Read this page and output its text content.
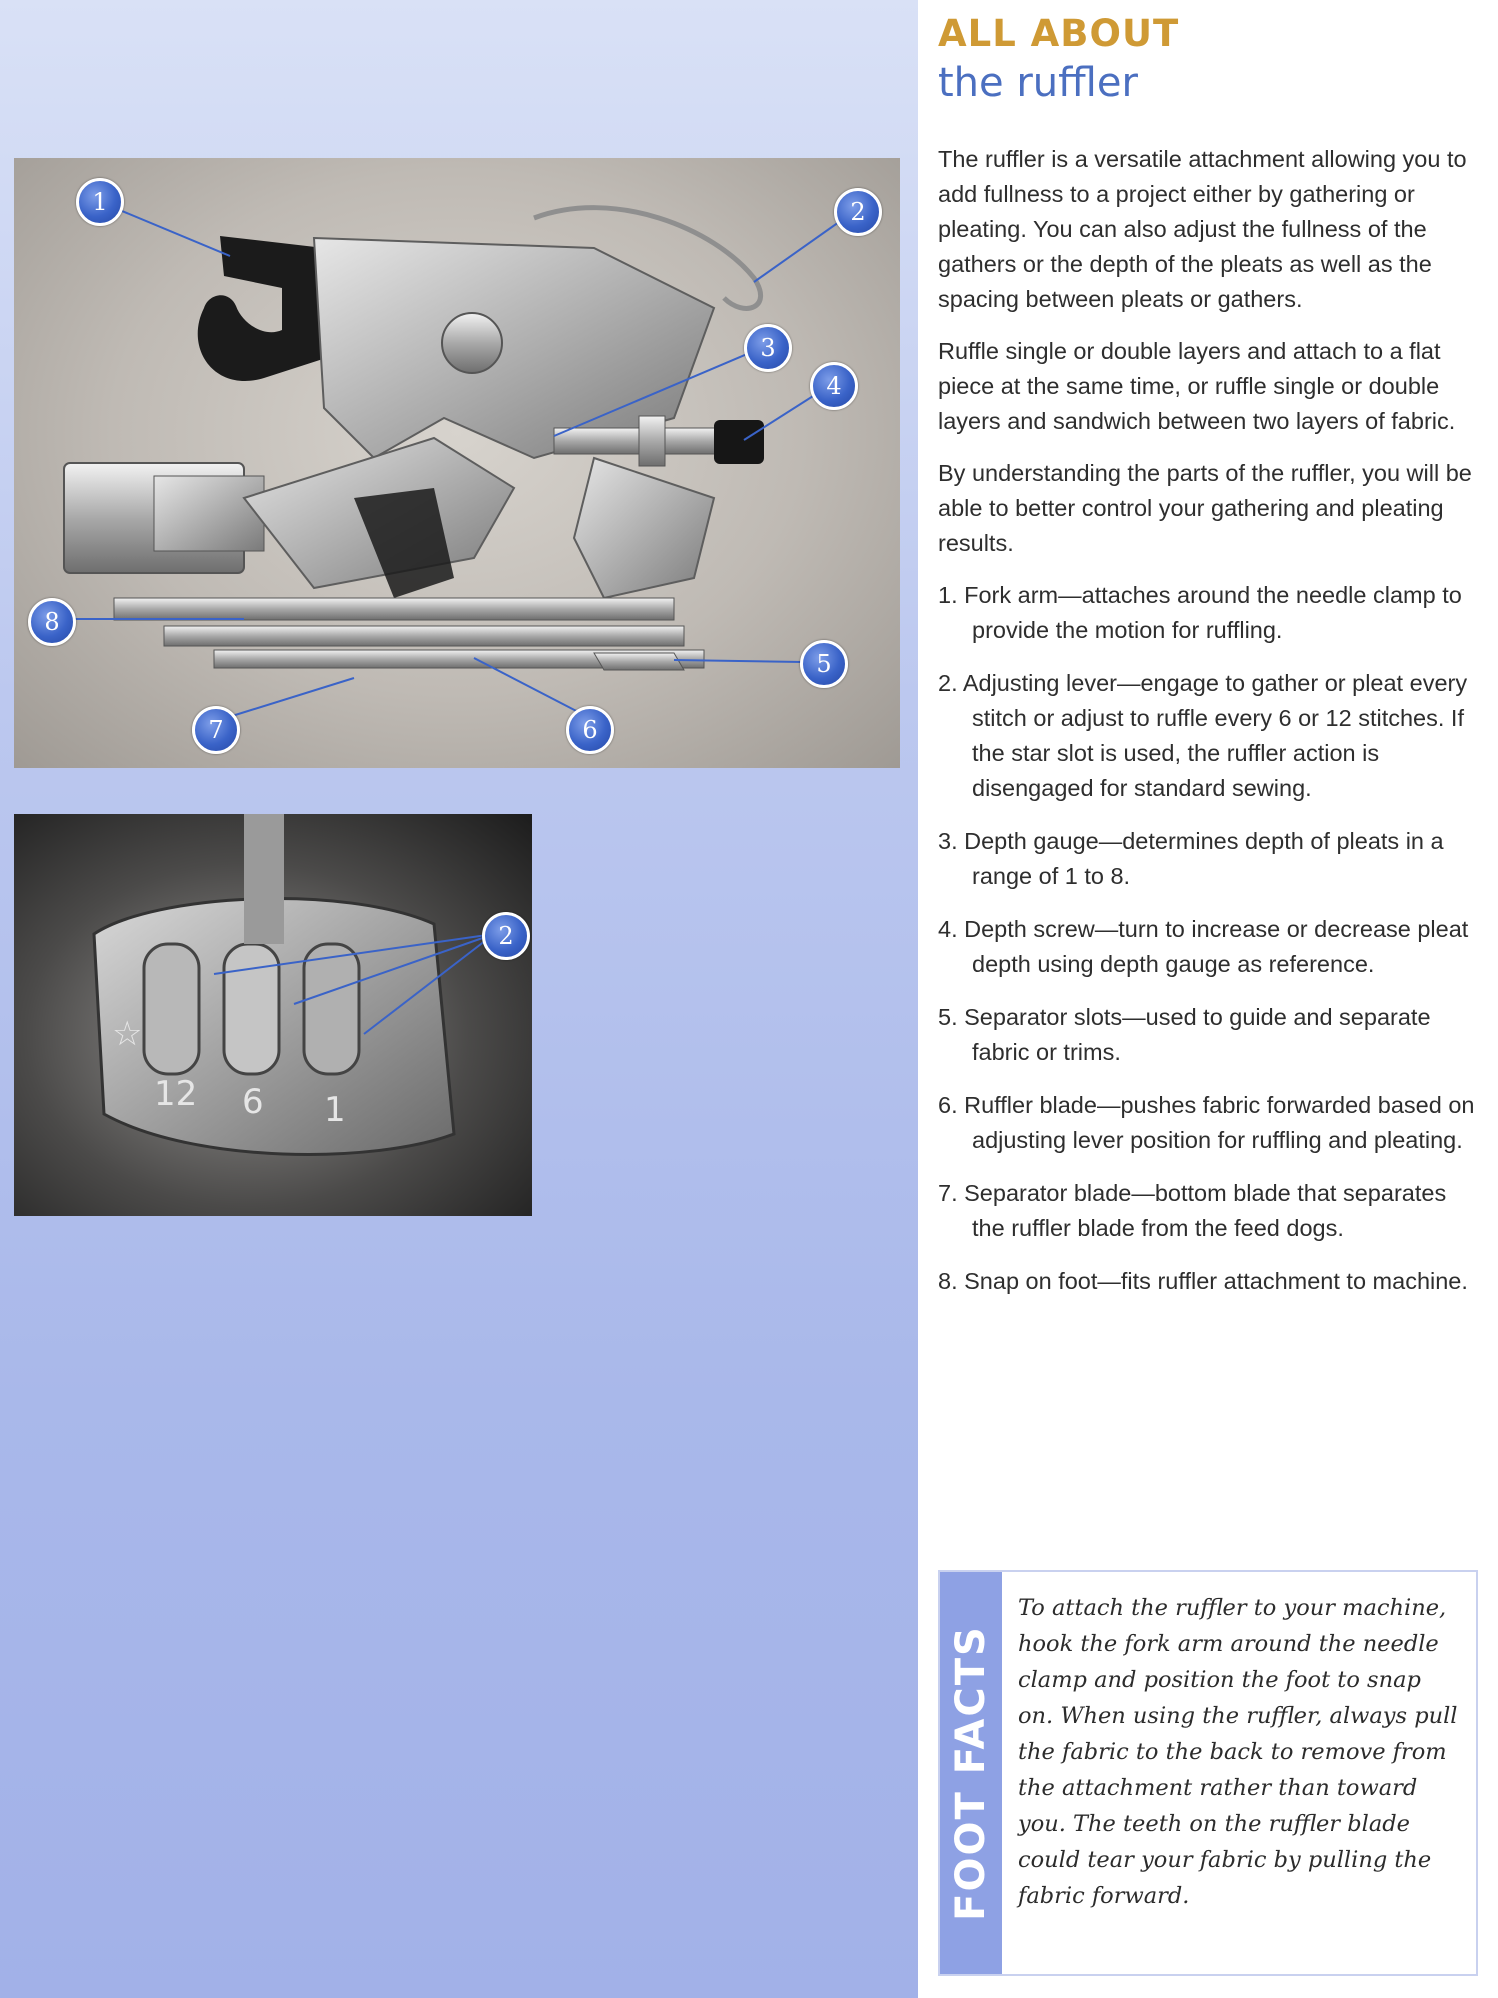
1	2
3
4
5
6
7
8
☆
12 6 1
2
ALL ABOUT
the ruffler

The ruffler is a versatile attachment allowing you to add fullness to a project either by gathering or pleating. You can also adjust the fullness of the gathers or the depth of the pleats as well as the spacing between pleats or gathers.

Ruffle single or double layers and attach to a flat piece at the same time, or ruffle single or double layers and sandwich between two layers of fabric.

By understanding the parts of the ruffler, you will be able to better control your gathering and pleating results.

1. Fork arm—attaches around the needle clamp to provide the motion for ruffling.
2. Adjusting lever—engage to gather or pleat every stitch or adjust to ruffle every 6 or 12 stitches. If the star slot is used, the ruffler action is disengaged for standard sewing.
3. Depth gauge—determines depth of pleats in a range of 1 to 8.
4. Depth screw—turn to increase or decrease pleat depth using depth gauge as reference.
5. Separator slots—used to guide and separate fabric or trims.
6. Ruffler blade—pushes fabric forwarded based on adjusting lever position for ruffling and pleating.
7. Separator blade—bottom blade that separates the ruffler blade from the feed dogs.
8. Snap on foot—fits ruffler attachment to machine.
FOOT FACTS
To attach the ruffler to your machine, hook the fork arm around the needle clamp and position the foot to snap on. When using the ruffler, always pull the fabric to the back to remove from the attachment rather than toward you. The teeth on the ruffler blade could tear your fabric by pulling the fabric forward.
